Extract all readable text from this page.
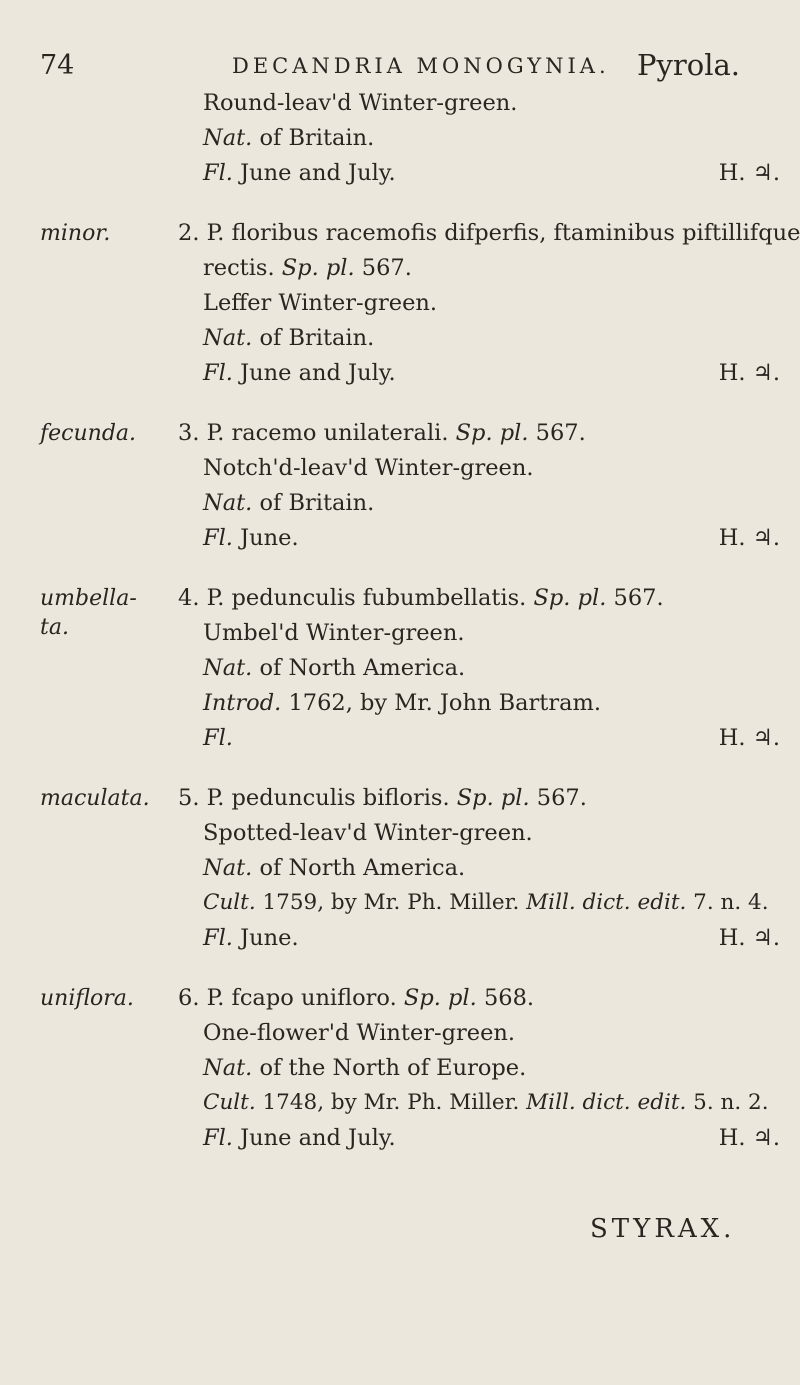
74	DECANDRIA MONOGYNIA. Pyrola.
Round-leav'd Winter-green.
Nat. of Britain.
Fl. June and July.	H. ♃.
minor.	2. P. floribus racemofis difperfis, ftaminibus piftillifque
rectis. Sp. pl. 567.
Leffer Winter-green.
Nat. of Britain.
Fl. June and July.	H. ♃.
fecunda. 3. P. racemo unilaterali. Sp. pl. 567.
Notch'd-leav'd Winter-green.
Nat. of Britain.
Fl. June.	H. ♃.
umbella-
ta.
4. P. pedunculis fubumbellatis. Sp. pl. 567.
Umbel'd Winter-green.
Nat. of North America.
Introd. 1762, by Mr. John Bartram.
Fl.	H. ♃.
maculata. 5. P. pedunculis bifloris. Sp. pl. 567.
Spotted-leav'd Winter-green.
Nat. of North America.
Cult. 1759, by Mr. Ph. Miller. Mill. dict. edit. 7. n. 4.
Fl. June.	H. ♃.
uniflora. 6. P. fcapo unifloro. Sp. pl. 568.
One-flower'd Winter-green.
Nat. of the North of Europe.
Cult. 1748, by Mr. Ph. Miller. Mill. dict. edit. 5. n. 2.
Fl. June and July.	H. ♃.
STYRAX.
